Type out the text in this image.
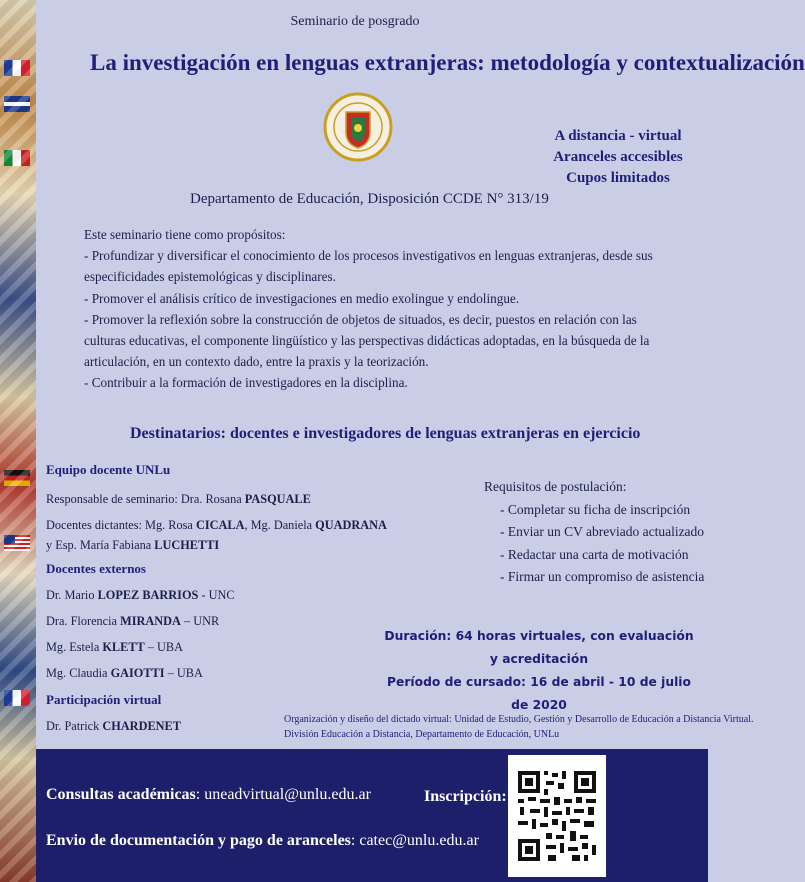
Seminario de posgrado
La investigación en lenguas extranjeras: metodología y contextualización
A distancia - virtual
Aranceles accesibles
Cupos limitados
Departamento de Educación, Disposición CCDE N° 313/19
Este seminario tiene como propósitos:
- Profundizar y diversificar el conocimiento de los procesos investigativos en lenguas extranjeras, desde sus
especificidades epistemológicas y disciplinares.
- Promover el análisis crítico de investigaciones en medio exolingue y endolingue.
- Promover la reflexión sobre la construcción de objetos de situados, es decir, puestos en relación con las
culturas educativas, el componente lingüístico y las perspectivas didácticas adoptadas, en la búsqueda de la
articulación, en un contexto dado, entre la praxis y la teorización.
- Contribuir a la formación de investigadores en la disciplina.
Destinatarios: docentes e investigadores de lenguas extranjeras en ejercicio
Equipo docente UNLu
Responsable de seminario: Dra. Rosana PASQUALE
Docentes dictantes: Mg. Rosa CICALA, Mg. Daniela QUADRANA
y Esp. María Fabiana LUCHETTI
Docentes externos
Dr. Mario LOPEZ BARRIOS - UNC
Dra. Florencia MIRANDA – UNR
Mg. Estela KLETT – UBA
Mg. Claudia GAIOTTI – UBA
Participación virtual
Dr. Patrick CHARDENET
Requisitos de postulación:
- Completar su ficha de inscripción
- Enviar un CV abreviado actualizado
- Redactar una carta de motivación
- Firmar un compromiso de asistencia
Duración: 64 horas virtuales, con evaluación y acreditación
Período de cursado: 16 de abril - 10 de julio de 2020
Organización y diseño del dictado virtual: Unidad de Estudio, Gestión y Desarrollo de Educación a Distancia Virtual.
División Educación a Distancia, Departamento de Educación, UNLu
Consultas académicas: uneadvirtual@unlu.edu.ar
Envio de documentación y pago de aranceles: catec@unlu.edu.ar
Inscripción:
